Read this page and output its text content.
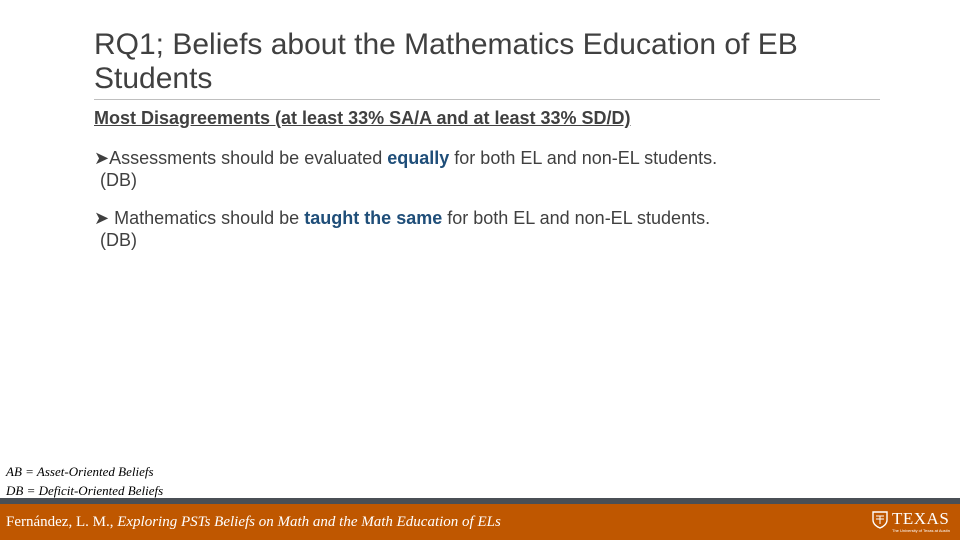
RQ1; Beliefs about the Mathematics Education of EB Students
Most Disagreements (at least 33% SA/A and at least 33% SD/D)
➤Assessments should be evaluated equally for both EL and non-EL students.
(DB)
➤ Mathematics should be taught the same for both EL and non-EL students.
(DB)
AB = Asset-Oriented Beliefs
DB = Deficit-Oriented Beliefs
Fernández, L. M., Exploring PSTs Beliefs on Math and the Math Education of ELs	TEXAS
The University of Texas at Austin
